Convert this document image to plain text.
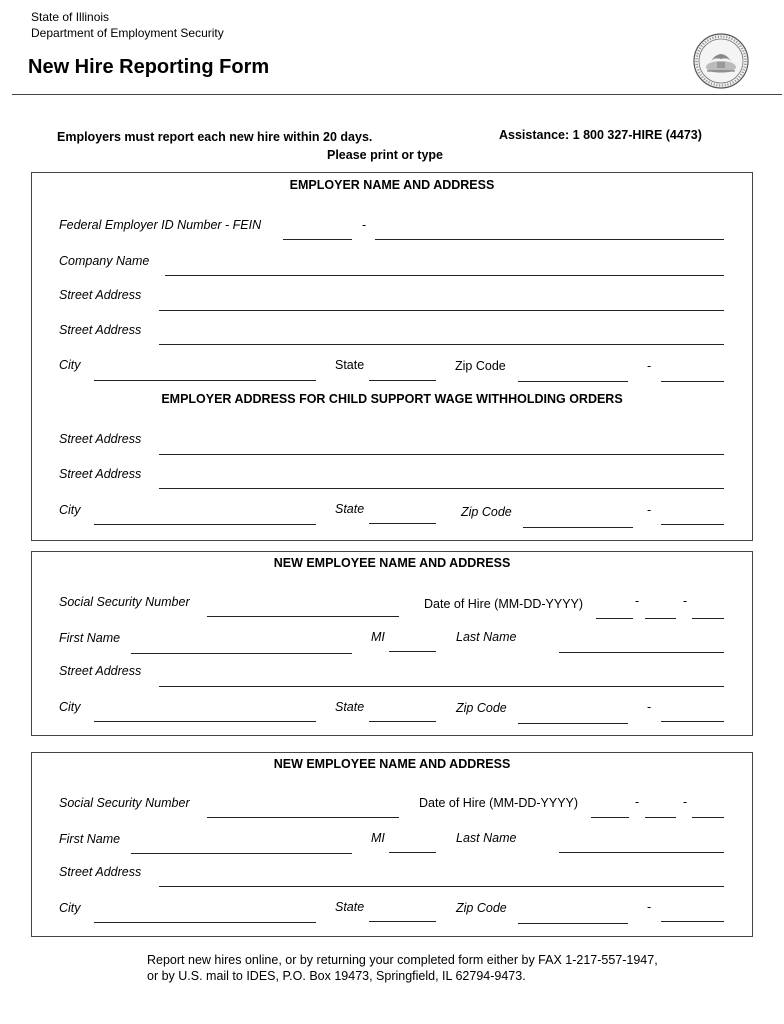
State of Illinois
Department of Employment Security
New Hire Reporting Form
Employers must report each new hire within 20 days.	Assistance: 1 800 327-HIRE (4473)
Please print or type
EMPLOYER NAME AND ADDRESS
Federal Employer ID Number - FEIN	-
Company Name
Street Address
Street Address
City	State	Zip Code	-
EMPLOYER ADDRESS FOR CHILD SUPPORT WAGE WITHHOLDING ORDERS
Street Address
Street Address
City	State	Zip Code	-
NEW EMPLOYEE NAME AND ADDRESS
Social Security Number	Date of Hire (MM-DD-YYYY)	-	-
First Name	MI	Last Name
Street Address
City	State	Zip Code	-
NEW EMPLOYEE NAME AND ADDRESS
Social Security Number	Date of Hire (MM-DD-YYYY)	-	-
First Name	MI	Last Name
Street Address
City	State	Zip Code	-
Report new hires online, or by returning your completed form either by FAX 1-217-557-1947,
or by U.S. mail to IDES, P.O. Box 19473, Springfield, IL 62794-9473.
